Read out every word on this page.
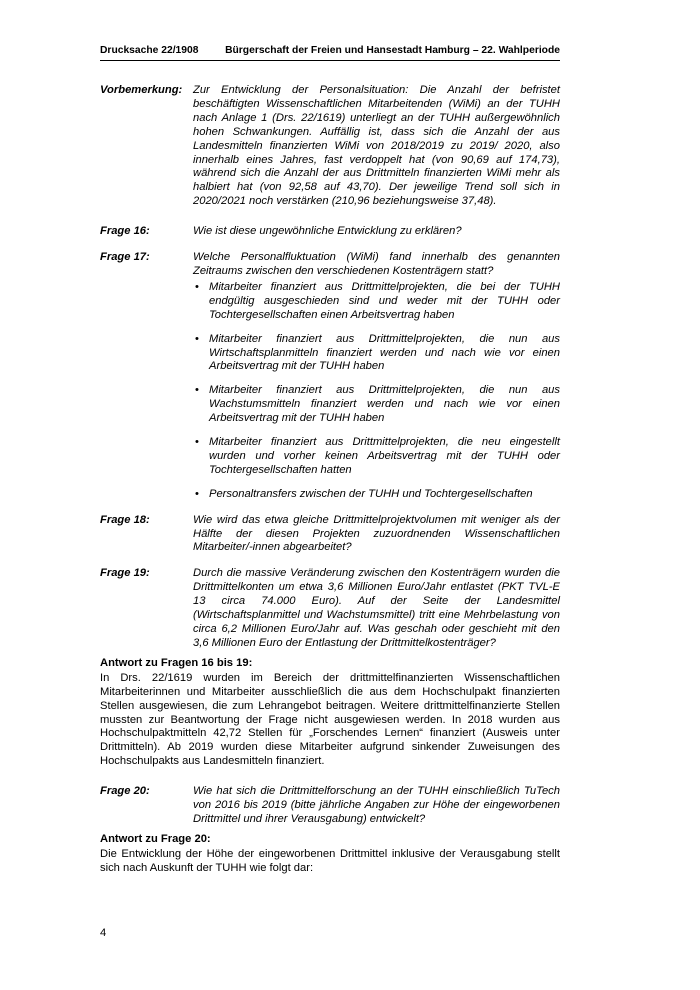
Drucksache 22/1908	Bürgerschaft der Freien und Hansestadt Hamburg – 22. Wahlperiode
Vorbemerkung: Zur Entwicklung der Personalsituation: Die Anzahl der befristet beschäftigten Wissenschaftlichen Mitarbeitenden (WiMi) an der TUHH nach Anlage 1 (Drs. 22/1619) unterliegt an der TUHH außergewöhnlich hohen Schwankungen. Auffällig ist, dass sich die Anzahl der aus Landesmitteln finanzierten WiMi von 2018/2019 zu 2019/ 2020, also innerhalb eines Jahres, fast verdoppelt hat (von 90,69 auf 174,73), während sich die Anzahl der aus Drittmitteln finanzierten WiMi mehr als halbiert hat (von 92,58 auf 43,70). Der jeweilige Trend soll sich in 2020/2021 noch verstärken (210,96 beziehungsweise 37,48).

Frage 16:	Wie ist diese ungewöhnliche Entwicklung zu erklären?

Frage 17:	Welche Personalfluktuation (WiMi) fand innerhalb des genannten Zeitraums zwischen den verschiedenen Kostenträgern statt?

• Mitarbeiter finanziert aus Drittmittelprojekten, die bei der TUHH endgültig ausgeschieden sind und weder mit der TUHH oder Tochtergesellschaften einen Arbeitsvertrag haben
• Mitarbeiter finanziert aus Drittmittelprojekten, die nun aus Wirtschaftsplanmitteln finanziert werden und nach wie vor einen Arbeitsvertrag mit der TUHH haben
• Mitarbeiter finanziert aus Drittmittelprojekten, die nun aus Wachstumsmitteln finanziert werden und nach wie vor einen Arbeitsvertrag mit der TUHH haben
• Mitarbeiter finanziert aus Drittmittelprojekten, die neu eingestellt wurden und vorher keinen Arbeitsvertrag mit der TUHH oder Tochtergesellschaften hatten
• Personaltransfers zwischen der TUHH und Tochtergesellschaften
Frage 18:	Wie wird das etwa gleiche Drittmittelprojektvolumen mit weniger als der Hälfte der diesen Projekten zuzuordnenden Wissenschaftlichen Mitarbeiter/-innen abgearbeitet?

Frage 19:	Durch die massive Veränderung zwischen den Kostenträgern wurden die Drittmittelkonten um etwa 3,6 Millionen Euro/Jahr entlastet (PKT TVL-E 13 circa 74.000 Euro). Auf der Seite der Landesmittel (Wirtschaftsplanmittel und Wachstumsmittel) tritt eine Mehrbelastung von circa 6,2 Millionen Euro/Jahr auf. Was geschah oder geschieht mit den 3,6 Millionen Euro der Entlastung der Drittmittelkostenträger?

Antwort zu Fragen 16 bis 19:

In Drs. 22/1619 wurden im Bereich der drittmittelfinanzierten Wissenschaftlichen Mitarbeiterinnen und Mitarbeiter ausschließlich die aus dem Hochschulpakt finanzierten Stellen ausgewiesen, die zum Lehrangebot beitragen. Weitere drittmittelfinanzierte Stellen mussten zur Beantwortung der Frage nicht ausgewiesen werden. In 2018 wurden aus Hochschulpaktmitteln 42,72 Stellen für „Forschendes Lernen“ finanziert (Ausweis unter Drittmitteln). Ab 2019 wurden diese Mitarbeiter aufgrund sinkender Zuweisungen des Hochschulpakts aus Landesmitteln finanziert.

Frage 20:	Wie hat sich die Drittmittelforschung an der TUHH einschließlich TuTech von 2016 bis 2019 (bitte jährliche Angaben zur Höhe der eingeworbenen Drittmittel und ihrer Verausgabung) entwickelt?

Antwort zu Frage 20:

Die Entwicklung der Höhe der eingeworbenen Drittmittel inklusive der Verausgabung stellt sich nach Auskunft der TUHH wie folgt dar:

4
